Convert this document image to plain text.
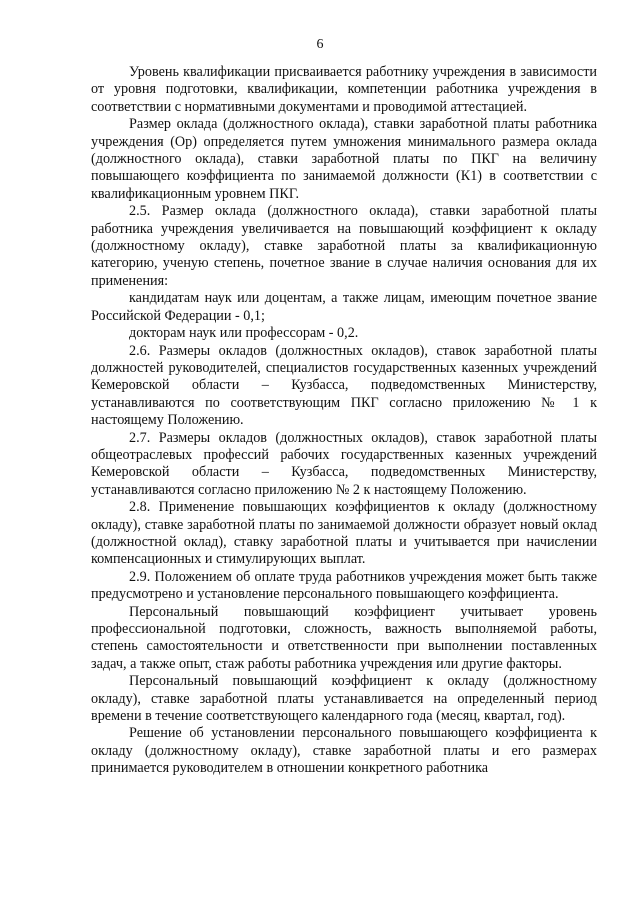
6

Уровень квалификации присваивается работнику учреждения в зависимости от уровня подготовки, квалификации, компетенции работника учреждения в соответствии с нормативными документами и проводимой аттестацией.

Размер оклада (должностного оклада), ставки заработной платы работника учреждения (Ор) определяется путем умножения минимального размера оклада (должностного оклада), ставки заработной платы по ПКГ на величину повышающего коэффициента по занимаемой должности (К1) в соответствии с квалификационным уровнем ПКГ.

2.5. Размер оклада (должностного оклада), ставки заработной платы работника учреждения увеличивается на повышающий коэффициент к окладу (должностному окладу), ставке заработной платы за квалификационную категорию, ученую степень, почетное звание в случае наличия основания для их применения:

кандидатам наук или доцентам, а также лицам, имеющим почетное звание Российской Федерации - 0,1;

докторам наук или профессорам - 0,2.

2.6. Размеры окладов (должностных окладов), ставок заработной платы должностей руководителей, специалистов государственных казенных учреждений Кемеровской области – Кузбасса, подведомственных Министерству, устанавливаются по соответствующим ПКГ согласно приложению № 1 к настоящему Положению.

2.7. Размеры окладов (должностных окладов), ставок заработной платы общеотраслевых профессий рабочих государственных казенных учреждений Кемеровской области – Кузбасса, подведомственных Министерству, устанавливаются согласно приложению № 2 к настоящему Положению.

2.8. Применение повышающих коэффициентов к окладу (должностному окладу), ставке заработной платы по занимаемой должности образует новый оклад (должностной оклад), ставку заработной платы и учитывается при начислении компенсационных и стимулирующих выплат.

2.9. Положением об оплате труда работников учреждения может быть также предусмотрено и установление персонального повышающего коэффициента.

Персональный повышающий коэффициент учитывает уровень профессиональной подготовки, сложность, важность выполняемой работы, степень самостоятельности и ответственности при выполнении поставленных задач, а также опыт, стаж работы работника учреждения или другие факторы.

Персональный повышающий коэффициент к окладу (должностному окладу), ставке заработной платы устанавливается на определенный период времени в течение соответствующего календарного года (месяц, квартал, год).

Решение об установлении персонального повышающего коэффициента к окладу (должностному окладу), ставке заработной платы и его размерах принимается руководителем в отношении конкретного работника
